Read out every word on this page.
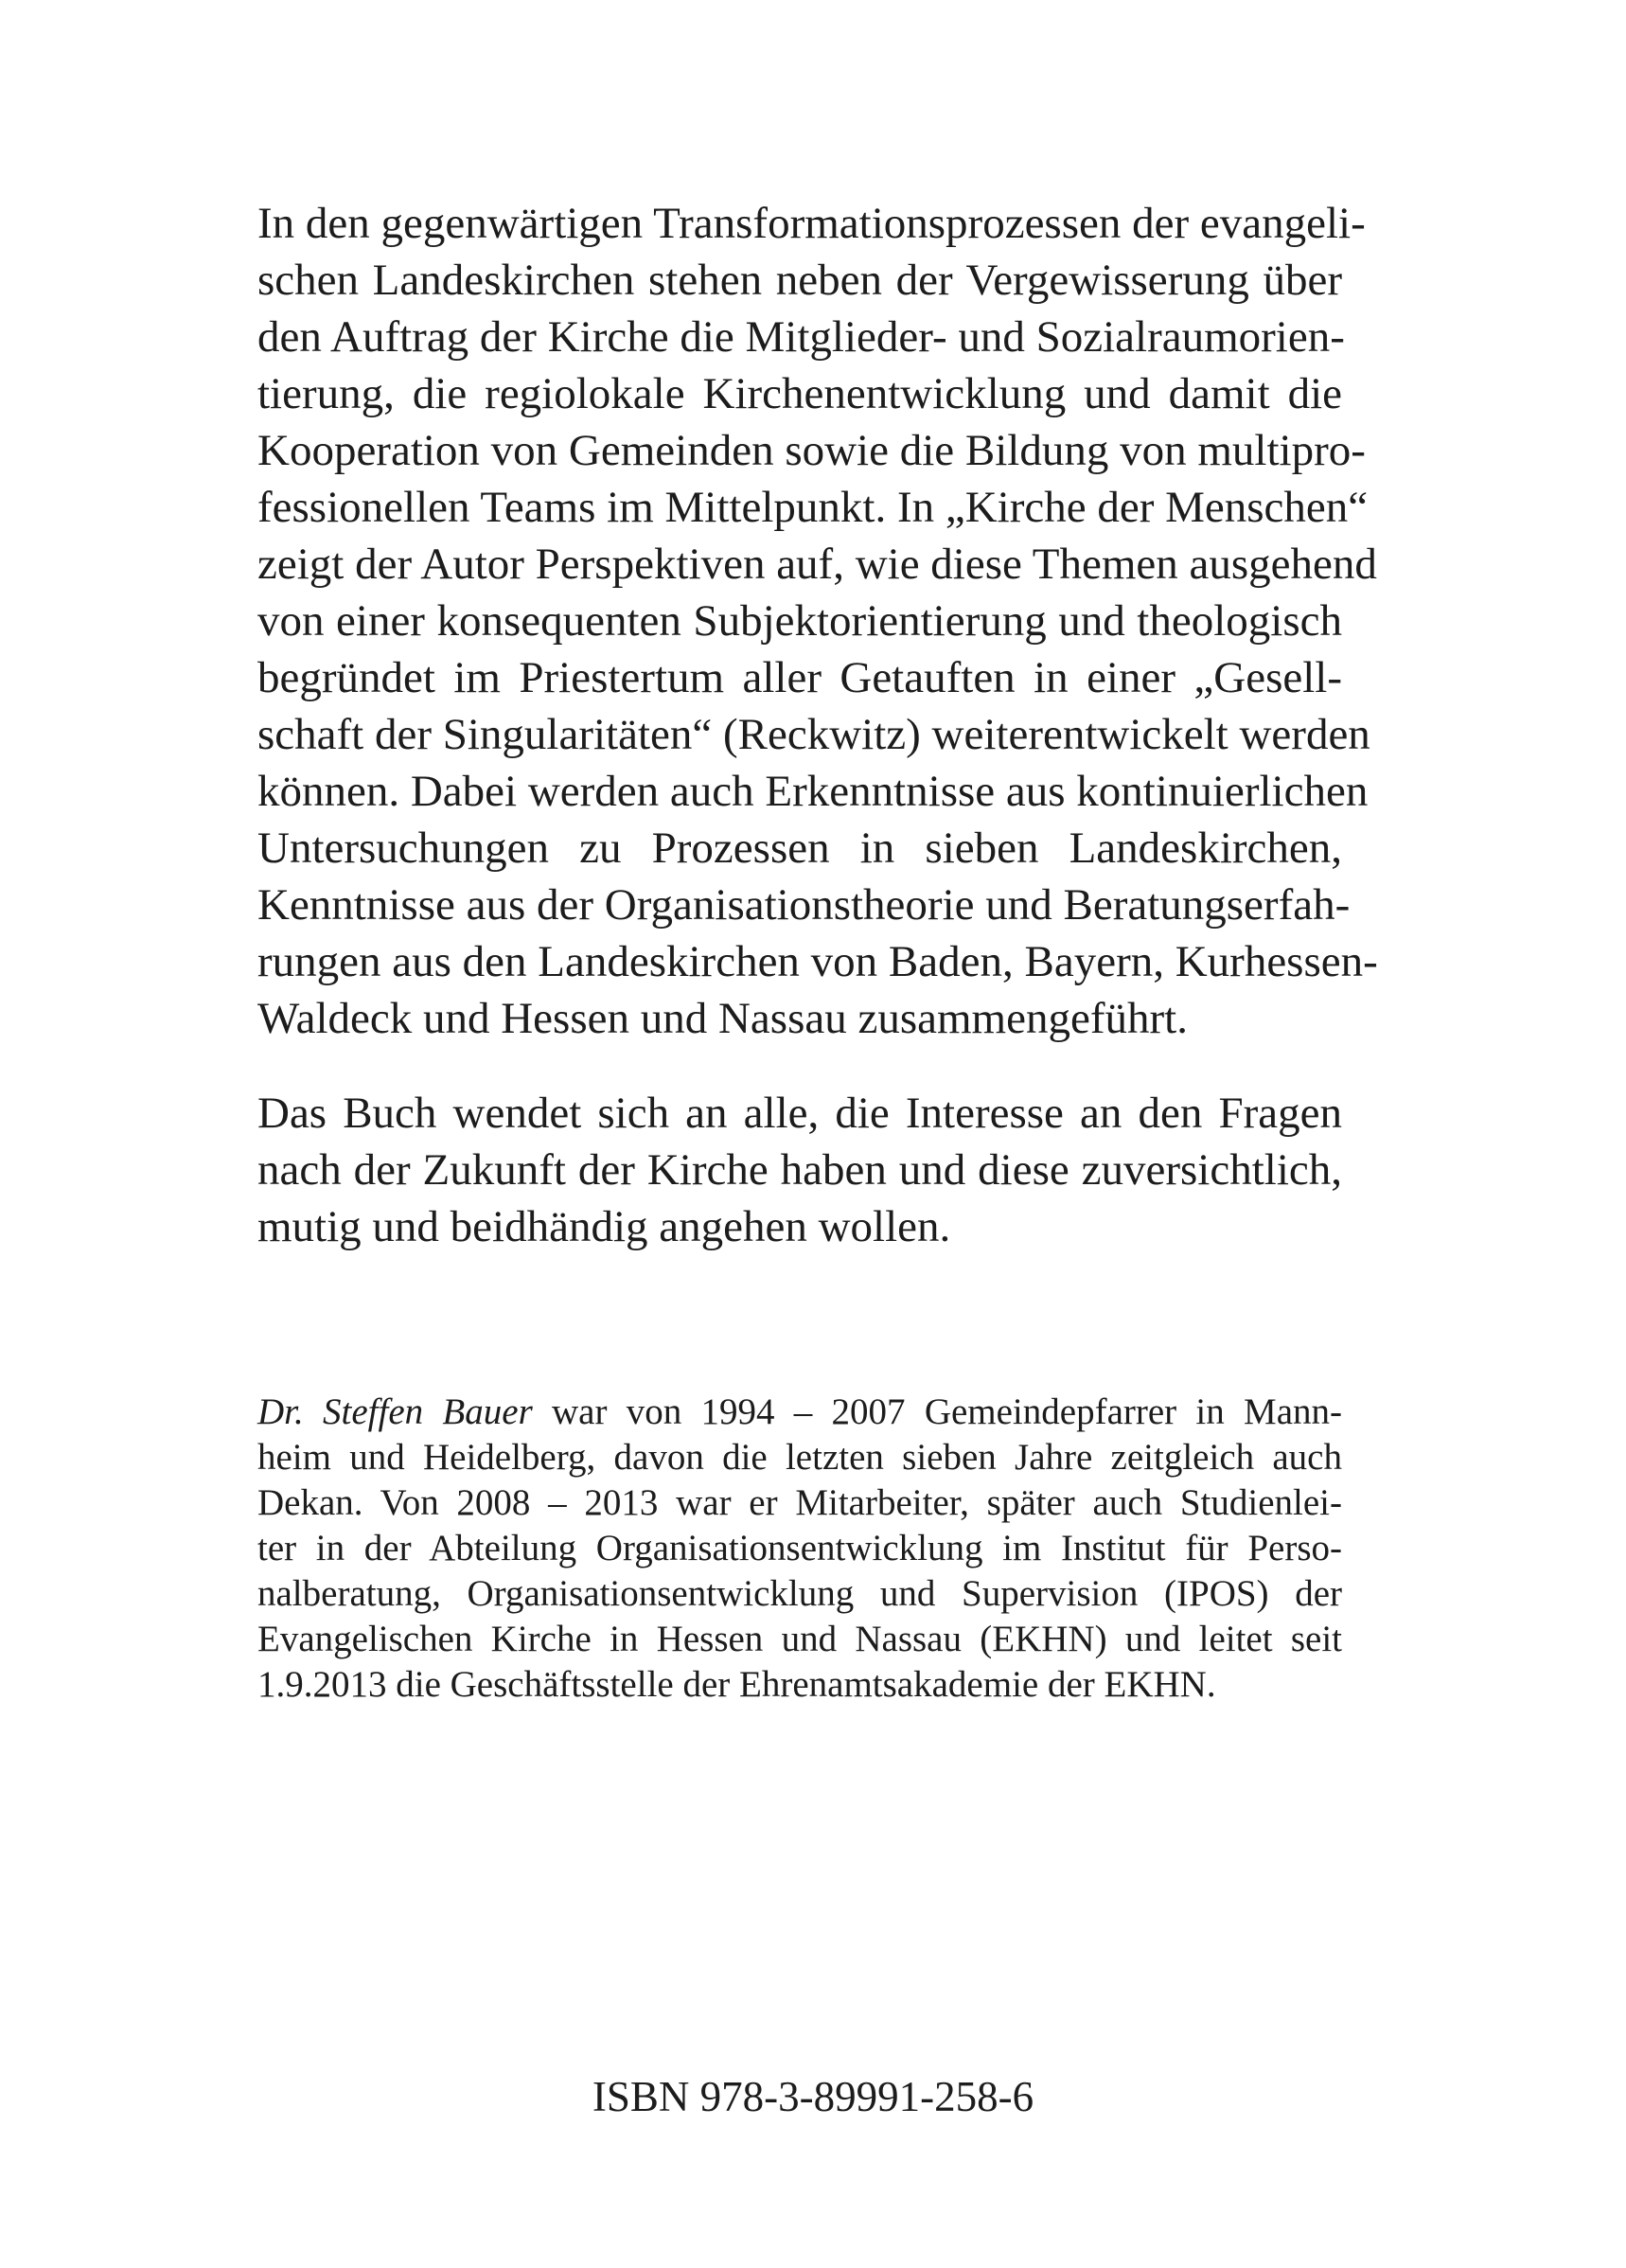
In den gegenwärtigen Transformationsprozessen der evangeli-
schen Landeskirchen stehen neben der Vergewisserung über
den Auftrag der Kirche die Mitglieder- und Sozialraumorien-
tierung, die regiolokale Kirchenentwicklung und damit die
Kooperation von Gemeinden sowie die Bildung von multipro-
fessionellen Teams im Mittelpunkt. In „Kirche der Menschen“
zeigt der Autor Perspektiven auf, wie diese Themen ausgehend
von einer konsequenten Subjektorientierung und theologisch
begründet im Priestertum aller Getauften in einer „Gesell-
schaft der Singularitäten“ (Reckwitz) weiterentwickelt werden
können. Dabei werden auch Erkenntnisse aus kontinuierlichen
Untersuchungen zu Prozessen in sieben Landeskirchen,
Kenntnisse aus der Organisationstheorie und Beratungserfah-
rungen aus den Landeskirchen von Baden, Bayern, Kurhessen-
Waldeck und Hessen und Nassau zusammengeführt.
Das Buch wendet sich an alle, die Interesse an den Fragen
nach der Zukunft der Kirche haben und diese zuversichtlich,
mutig und beidhändig angehen wollen.
Dr. Steffen Bauer war von 1994 – 2007 Gemeindepfarrer in Mann-
heim und Heidelberg, davon die letzten sieben Jahre zeitgleich auch
Dekan. Von 2008 – 2013 war er Mitarbeiter, später auch Studienlei-
ter in der Abteilung Organisationsentwicklung im Institut für Perso-
nalberatung, Organisationsentwicklung und Supervision (IPOS) der
Evangelischen Kirche in Hessen und Nassau (EKHN) und leitet seit
1.9.2013 die Geschäftsstelle der Ehrenamtsakademie der EKHN.
ISBN 978-3-89991-258-6
